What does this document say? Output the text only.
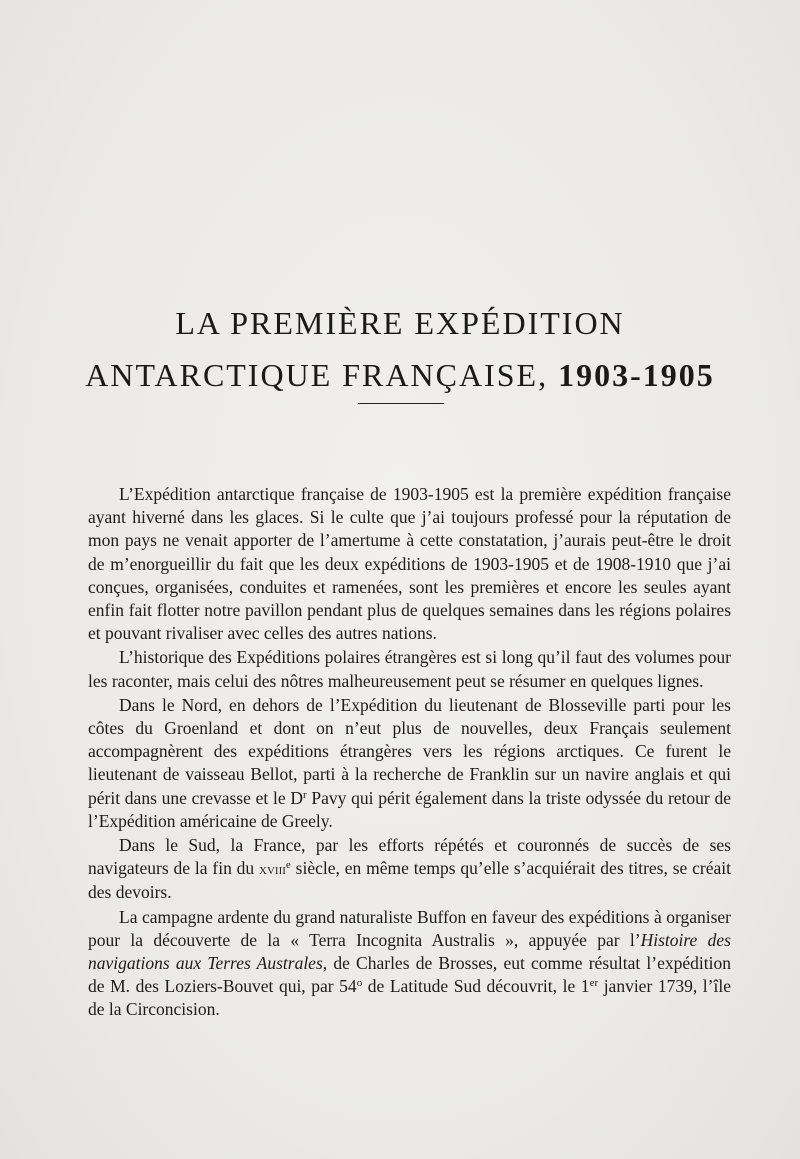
LA PREMIÈRE EXPÉDITION
ANTARCTIQUE FRANÇAISE, 1903-1905

L’Expédition antarctique française de 1903-1905 est la première expédition française ayant hiverné dans les glaces. Si le culte que j’ai toujours professé pour la réputation de mon pays ne venait apporter de l’amertume à cette constatation, j’aurais peut-être le droit de m’enorgueillir du fait que les deux expéditions de 1903-1905 et de 1908-1910 que j’ai conçues, organisées, conduites et ramenées, sont les premières et encore les seules ayant enfin fait flotter notre pavillon pendant plus de quelques semaines dans les régions polaires et pouvant rivaliser avec celles des autres nations.

L’historique des Expéditions polaires étrangères est si long qu’il faut des volumes pour les raconter, mais celui des nôtres malheureusement peut se résumer en quelques lignes.

Dans le Nord, en dehors de l’Expédition du lieutenant de Blosseville parti pour les côtes du Groenland et dont on n’eut plus de nouvelles, deux Français seulement accompagnèrent des expéditions étrangères vers les régions arctiques. Ce furent le lieutenant de vaisseau Bellot, parti à la recherche de Franklin sur un navire anglais et qui périt dans une crevasse et le $D^r$ Pavy qui périt également dans la triste odyssée du retour de l’Expédition américaine de Greely.

Dans le Sud, la France, par les efforts répétés et couronnés de succès de ses navigateurs de la fin du xviii$^e$ siècle, en même temps qu’elle s’acquiérait des titres, se créait des devoirs.

La campagne ardente du grand naturaliste Buffon en faveur des expéditions à organiser pour la découverte de la « Terra Incognita Australis », appuyée par l’Histoire des navigations aux Terres Australes, de Charles de Brosses, eut comme résultat l’expédition de M. des Loziers-Bouvet qui, par 54$^o$ de Latitude Sud découvrit, le 1er janvier 1739, l’île de la Circoncision.
